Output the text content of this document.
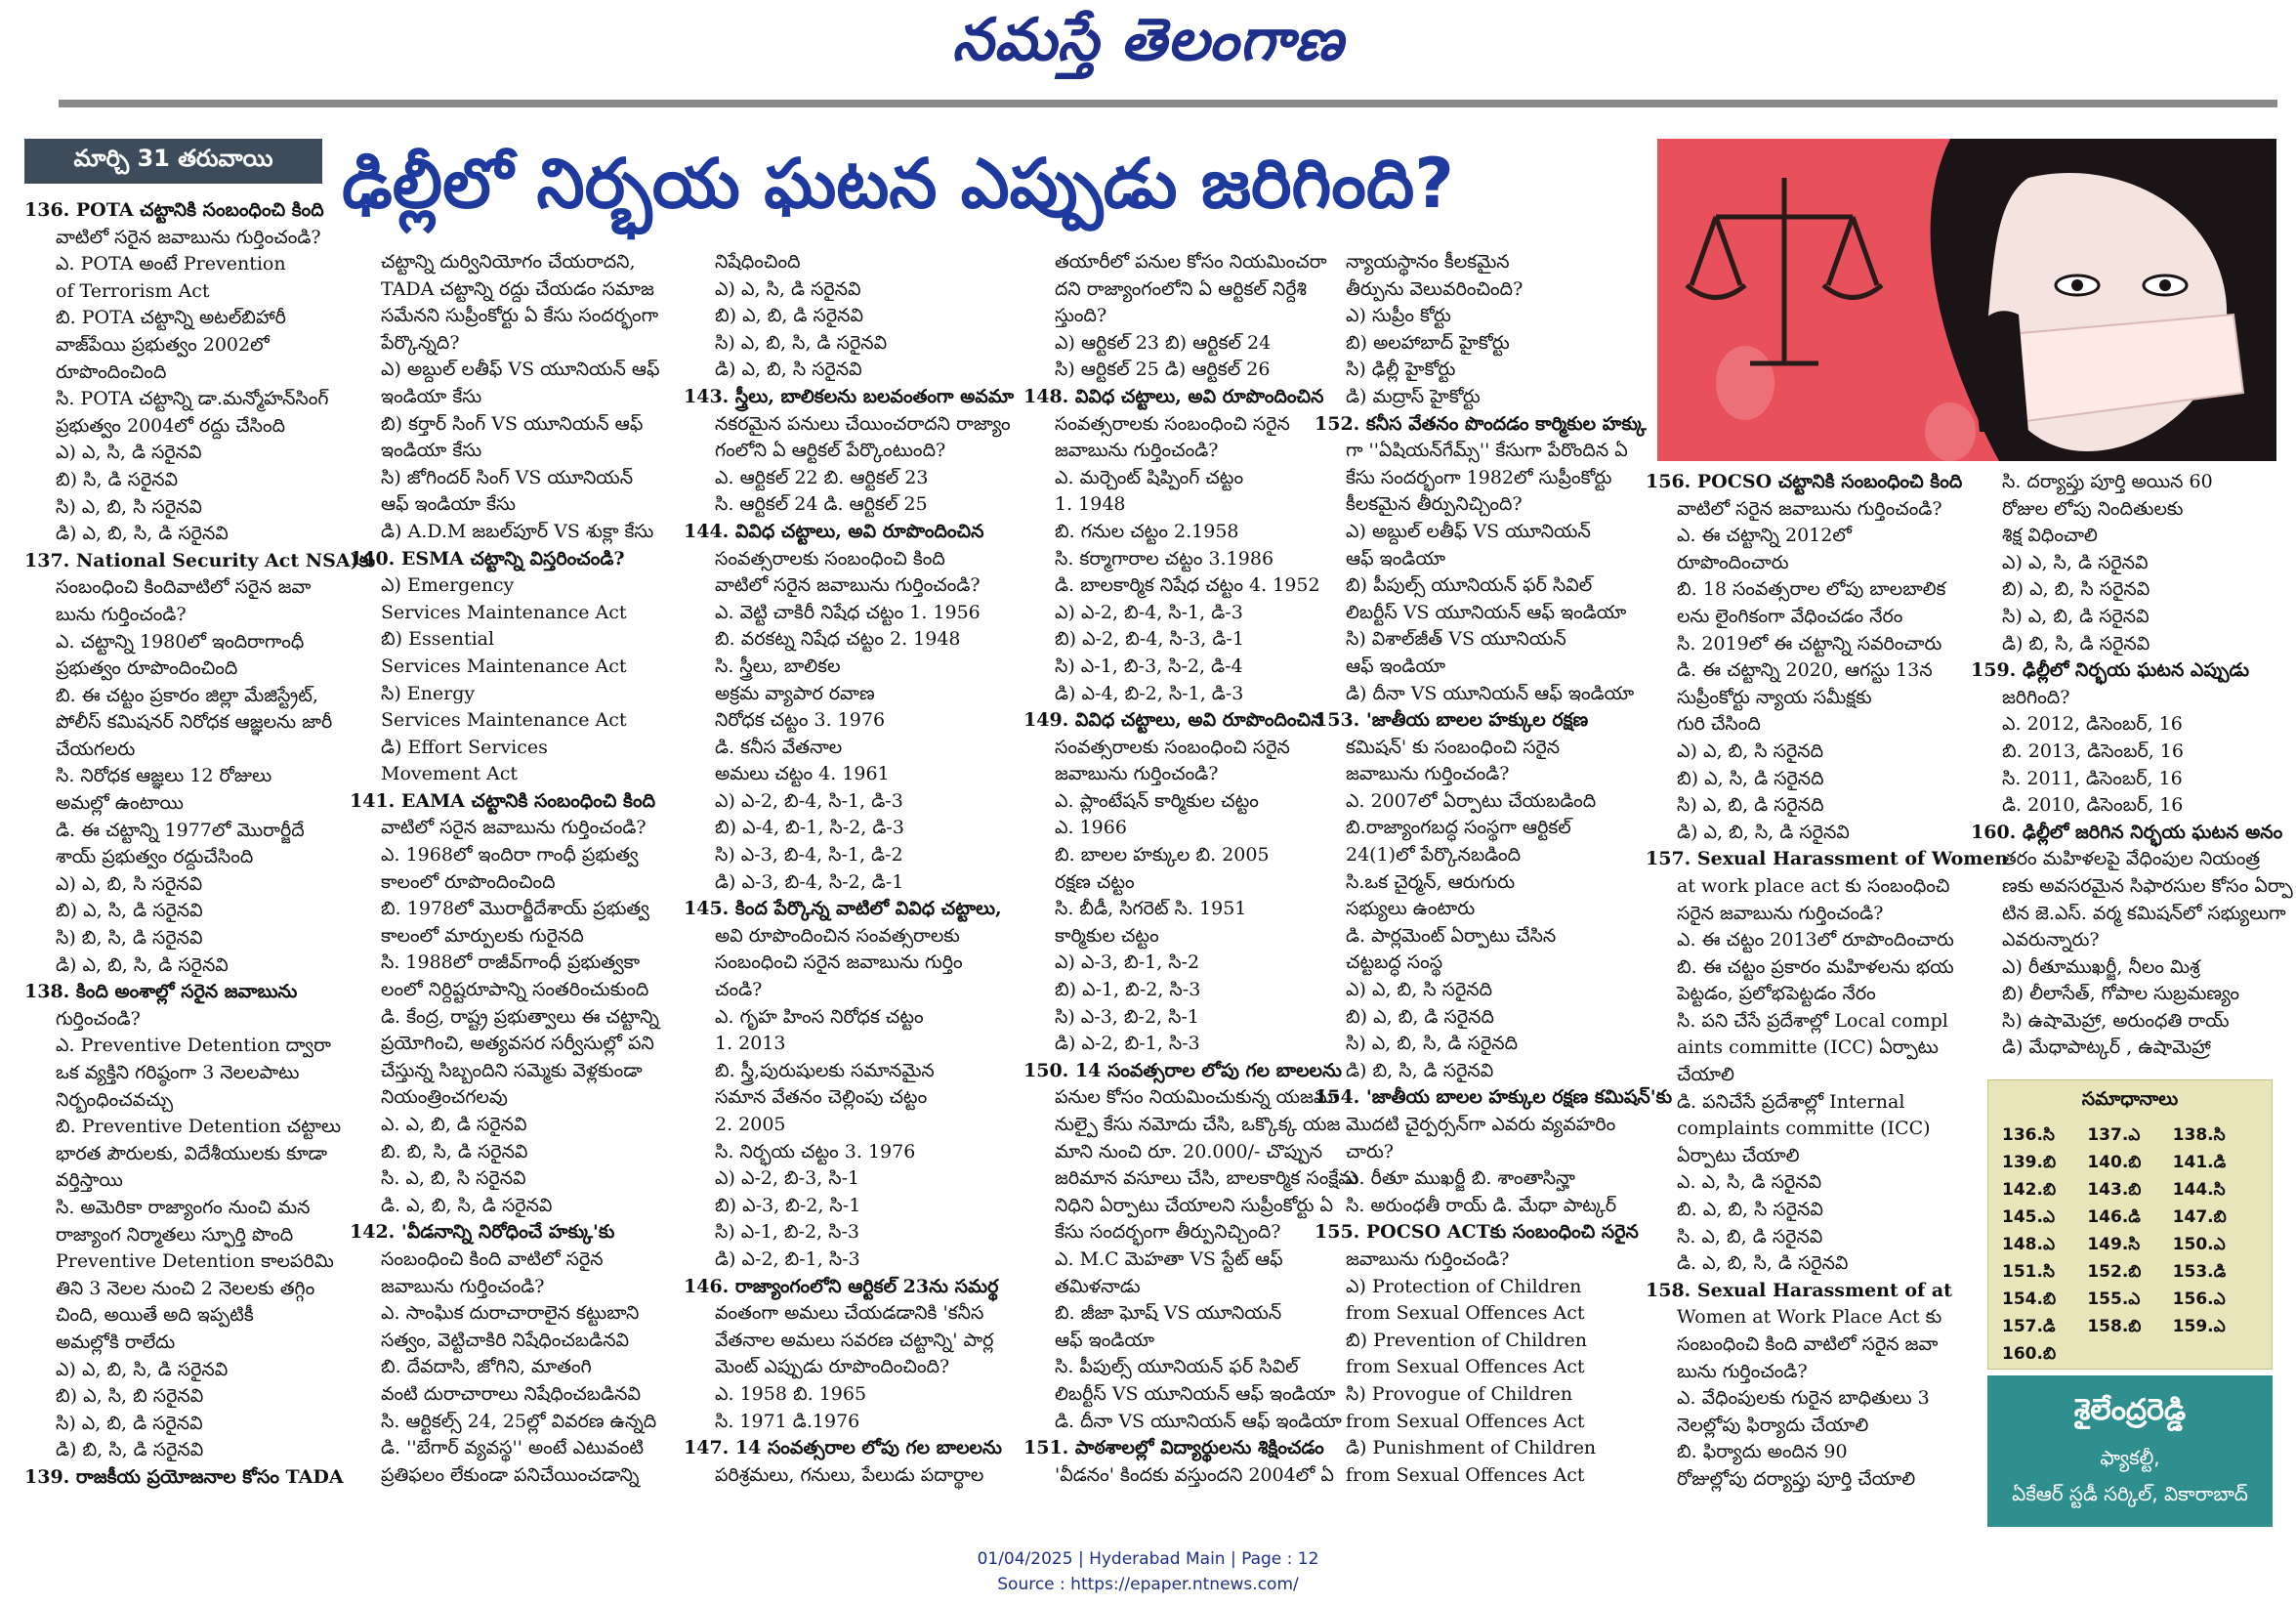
నమస్తే తెలంగాణ
మార్చి 31 తరువాయి	ఢిల్లీలో నిర్భయ ఘటన ఎప్పుడు జరిగింది?

136. POTA చట్టానికి సంబంధించి కింది

వాటిలో సరైన జవాబును గుర్తించండి?

ఎ. POTA అంటే Prevention

of Terrorism Act

బి. POTA చట్టాన్ని అటల్‌బిహారీ

వాజ్‌పేయి ప్రభుత్వం 2002లో

రూపొందించింది

సి. POTA చట్టాన్ని డా.మన్మోహన్‌సింగ్

ప్రభుత్వం 2004లో రద్దు చేసింది

ఎ) ఎ, సి, డి సరైనవి

బి) సి, డి సరైనవి

సి) ఎ, బి, సి సరైనవి

డి) ఎ, బి, సి, డి సరైనవి

137. National Security Act NSA)కు

సంబంధించి కిందివాటిలో సరైన జవా

బును గుర్తించండి?

ఎ. చట్టాన్ని 1980లో ఇందిరాగాంధీ

ప్రభుత్వం రూపొందించింది

బి. ఈ చట్టం ప్రకారం జిల్లా మేజిస్ట్రేట్,

పోలీస్ కమిషనర్ నిరోధక ఆజ్ఞలను జారీ

చేయగలరు

సి. నిరోధక ఆజ్ఞలు 12 రోజులు

అమల్లో ఉంటాయి

డి. ఈ చట్టాన్ని 1977లో మొరార్జీదే

శాయ్ ప్రభుత్వం రద్దుచేసింది

ఎ) ఎ, బి, సి సరైనవి

బి) ఎ, సి, డి సరైనవి

సి) బి, సి, డి సరైనవి

డి) ఎ, బి, సి, డి సరైనవి

138. కింది అంశాల్లో సరైన జవాబును

గుర్తించండి?

ఎ. Preventive Detention ద్వారా

ఒక వ్యక్తిని గరిష్ఠంగా 3 నెలలపాటు

నిర్బంధించవచ్చు

బి. Preventive Detention చట్టాలు

భారత పౌరులకు, విదేశీయులకు కూడా

వర్తిస్తాయి

సి. అమెరికా రాజ్యాంగం నుంచి మన

రాజ్యాంగ నిర్మాతలు స్ఫూర్తి పొంది

Preventive Detention కాలపరిమి

తిని 3 నెలల నుంచి 2 నెలలకు తగ్గిం

చింది, అయితే అది ఇప్పటికీ

అమల్లోకి రాలేదు

ఎ) ఎ, బి, సి, డి సరైనవి

బి) ఎ, సి, బి సరైనవి

సి) ఎ, బి, డి సరైనవి

డి) బి, సి, డి సరైనవి

139. రాజకీయ ప్రయోజనాల కోసం TADA

చట్టాన్ని దుర్వినియోగం చేయరాదని,

TADA చట్టాన్ని రద్దు చేయడం సమాజ

సమేనని సుప్రీంకోర్టు ఏ కేసు సందర్భంగా

పేర్కొన్నది?

ఎ) అబ్దుల్ లతీఫ్ VS యూనియన్ ఆఫ్

ఇండియా కేసు

బి) కర్తార్ సింగ్ VS యూనియన్ ఆఫ్

ఇండియా కేసు

సి) జోగిందర్ సింగ్ VS యూనియన్

ఆఫ్ ఇండియా కేసు

డి) A.D.M జబల్‌పూర్ VS శుక్లా కేసు

140. ESMA చట్టాన్ని విస్తరించండి?

ఎ) Emergency

Services Maintenance Act

బి) Essential

Services Maintenance Act

సి) Energy

Services Maintenance Act

డి) Effort Services

Movement Act

141. EAMA చట్టానికి సంబంధించి కింది

వాటిలో సరైన జవాబును గుర్తించండి?

ఎ. 1968లో ఇందిరా గాంధీ ప్రభుత్వ

కాలంలో రూపొందించింది

బి. 1978లో మొరార్జీదేశాయ్ ప్రభుత్వ

కాలంలో మార్పులకు గురైనది

సి. 1988లో రాజీవ్‌గాంధీ ప్రభుత్వకా

లంలో నిర్దిష్టరూపాన్ని సంతరించుకుంది

డి. కేంద్ర, రాష్ట్ర ప్రభుత్వాలు ఈ చట్టాన్ని

ప్రయోగించి, అత్యవసర సర్వీసుల్లో పని

చేస్తున్న సిబ్బందిని సమ్మెకు వెళ్లకుండా

నియంత్రించగలవు

ఎ. ఎ, బి, డి సరైనవి

బి. బి, సి, డి సరైనవి

సి. ఎ, బి, సి సరైనవి

డి. ఎ, బి, సి, డి సరైనవి

142. 'వీడనాన్ని నిరోధించే హక్కు'కు

సంబంధించి కింది వాటిలో సరైన

జవాబును గుర్తించండి?

ఎ. సాంఘిక దురాచారాలైన కట్టుబాని

సత్వం, వెట్టిచాకిరి నిషేధించబడినవి

బి. దేవదాసి, జోగిని, మాతంగి

వంటి దురాచారాలు నిషేధించబడినవి

సి. ఆర్టికల్స్ 24, 25ల్లో వివరణ ఉన్నది

డి. ''బేగార్ వ్యవస్థ'' అంటే ఎటువంటి

ప్రతిఫలం లేకుండా పనిచేయించడాన్ని

నిషేధించింది

ఎ) ఎ, సి, డి సరైనవి

బి) ఎ, బి, డి సరైనవి

సి) ఎ, బి, సి, డి సరైనవి

డి) ఎ, బి, సి సరైనవి

143. స్త్రీలు, బాలికలను బలవంతంగా అవమా

నకరమైన పనులు చేయించరాదని రాజ్యాం

గంలోని ఏ ఆర్టికల్ పేర్కొంటుంది?

ఎ. ఆర్టికల్ 22 బి. ఆర్టికల్ 23

సి. ఆర్టికల్ 24 డి. ఆర్టికల్ 25

144. వివిధ చట్టాలు, అవి రూపొందించిన

సంవత్సరాలకు సంబంధించి కింది

వాటిలో సరైన జవాబును గుర్తించండి?

ఎ. వెట్టి చాకిరీ నిషేధ చట్టం 1. 1956

బి. వరకట్న నిషేధ చట్టం 2. 1948

సి. స్త్రీలు, బాలికల

అక్రమ వ్యాపార రవాణ

నిరోధక చట్టం 3. 1976

డి. కనీస వేతనాల

అమలు చట్టం 4. 1961

ఎ) ఎ-2, బి-4, సి-1, డి-3

బి) ఎ-4, బి-1, సి-2, డి-3

సి) ఎ-3, బి-4, సి-1, డి-2

డి) ఎ-3, బి-4, సి-2, డి-1

145. కింద పేర్కొన్న వాటిలో వివిధ చట్టాలు,

అవి రూపొందించిన సంవత్సరాలకు

సంబంధించి సరైన జవాబును గుర్తిం

చండి?

ఎ. గృహ హింస నిరోధక చట్టం

1. 2013

బి. స్త్రీ,పురుషులకు సమానమైన

సమాన వేతనం చెల్లింపు చట్టం

2. 2005

సి. నిర్భయ చట్టం 3. 1976

ఎ) ఎ-2, బి-3, సి-1

బి) ఎ-3, బి-2, సి-1

సి) ఎ-1, బి-2, సి-3

డి) ఎ-2, బి-1, సి-3

146. రాజ్యాంగంలోని ఆర్టికల్ 23ను సమర్థ

వంతంగా అమలు చేయడడానికి 'కనీస

వేతనాల అమలు సవరణ చట్టాన్ని' పార్ల

మెంట్ ఎప్పుడు రూపొందించింది?

ఎ. 1958 బి. 1965

సి. 1971 డి.1976

147. 14 సంవత్సరాల లోపు గల బాలలను

పరిశ్రమలు, గనులు, పేలుడు పదార్థాల

తయారీలో పనుల కోసం నియమించరా

దని రాజ్యాంగంలోని ఏ ఆర్టికల్ నిర్దేశి

స్తుంది?

ఎ) ఆర్టికల్ 23 బి) ఆర్టికల్ 24

సి) ఆర్టికల్ 25 డి) ఆర్టికల్ 26

148. వివిధ చట్టాలు, అవి రూపొందించిన

సంవత్సరాలకు సంబంధించి సరైన

జవాబును గుర్తించండి?

ఎ. మర్చెంట్ షిప్పింగ్ చట్టం

1. 1948

బి. గనుల చట్టం 2.1958

సి. కర్మాగారాల చట్టం 3.1986

డి. బాలకార్మిక నిషేధ చట్టం 4. 1952

ఎ) ఎ-2, బి-4, సి-1, డి-3

బి) ఎ-2, బి-4, సి-3, డి-1

సి) ఎ-1, బి-3, సి-2, డి-4

డి) ఎ-4, బి-2, సి-1, డి-3

149. వివిధ చట్టాలు, అవి రూపొందించిన

సంవత్సరాలకు సంబంధించి సరైన

జవాబును గుర్తించండి?

ఎ. ప్లాంటేషన్ కార్మికుల చట్టం

ఎ. 1966

బి. బాలల హక్కుల బి. 2005

రక్షణ చట్టం

సి. బీడీ, సిగరెట్ సి. 1951

కార్మికుల చట్టం

ఎ) ఎ-3, బి-1, సి-2

బి) ఎ-1, బి-2, సి-3

సి) ఎ-3, బి-2, సి-1

డి) ఎ-2, బి-1, సి-3

150. 14 సంవత్సరాల లోపు గల బాలలను

పనుల కోసం నియమించుకున్న యజమా

నుల్పై కేసు నమోదు చేసి, ఒక్కొక్క యజ

మాని నుంచి రూ. 20.000/- చొప్పున

జరిమాన వసూలు చేసి, బాలకార్మిక సంక్షేమ

నిధిని ఏర్పాటు చేయాలని సుప్రీంకోర్టు ఏ

కేసు సందర్భంగా తీర్పునిచ్చింది?

ఎ. M.C మెహతా VS స్టేట్ ఆఫ్

తమిళనాడు

బి. జీజా ఘోష్ VS యూనియన్

ఆఫ్ ఇండియా

సి. పీపుల్స్ యూనియన్ ఫర్ సివిల్

లిబర్టీస్ VS యూనియన్ ఆఫ్ ఇండియా

డి. దీనా VS యూనియన్ ఆఫ్ ఇండియా

151. పాఠశాలల్లో విద్యార్థులను శిక్షించడం

'వీడనం' కిందకు వస్తుందని 2004లో ఏ

న్యాయస్థానం కీలకమైన

తీర్పును వెలువరించింది?

ఎ) సుప్రీం కోర్టు

బి) అలహాబాద్ హైకోర్టు

సి) ఢిల్లీ హైకోర్టు

డి) మద్రాస్ హైకోర్టు

152. కనీస వేతనం పొందడం కార్మికుల హక్కు

గా ''ఏషియన్‌గేమ్స్'' కేసుగా పేరొందిన ఏ

కేసు సందర్భంగా 1982లో సుప్రీంకోర్టు

కీలకమైన తీర్పునిచ్చింది?

ఎ) అబ్దుల్ లతీఫ్ VS యూనియన్

ఆఫ్ ఇండియా

బి) పీపుల్స్ యూనియన్ ఫర్ సివిల్

లిబర్టీస్ VS యూనియన్ ఆఫ్ ఇండియా

సి) విశాల్‌జీత్ VS యూనియన్

ఆఫ్ ఇండియా

డి) దీనా VS యూనియన్ ఆఫ్ ఇండియా

153. 'జాతీయ బాలల హక్కుల రక్షణ

కమిషన్' కు సంబంధించి సరైన

జవాబును గుర్తించండి?

ఎ. 2007లో ఏర్పాటు చేయబడింది

బి.రాజ్యాంగబద్ధ సంస్థగా ఆర్టికల్

24(1)లో పేర్కొనబడింది

సి.ఒక చైర్మన్, ఆరుగురు

సభ్యులు ఉంటారు

డి. పార్లమెంట్ ఏర్పాటు చేసిన

చట్టబద్ధ సంస్థ

ఎ) ఎ, బి, సి సరైనది

బి) ఎ, బి, డి సరైనది

సి) ఎ, బి, సి, డి సరైనది

డి) బి, సి, డి సరైనవి

154. 'జాతీయ బాలల హక్కుల రక్షణ కమిషన్'కు

మొదటి చైర్పర్సన్‌గా ఎవరు వ్యవహరిం

చారు?

ఎ. రీతూ ముఖర్జీ బి. శాంతాసిన్హా

సి. అరుంధతీ రాయ్ డి. మేధా పాట్కర్

155. POCSO ACTకు సంబంధించి సరైన

జవాబును గుర్తించండి?

ఎ) Protection of Children

from Sexual Offences Act

బి) Prevention of Children

from Sexual Offences Act

సి) Provogue of Children

from Sexual Offences Act

డి) Punishment of Children

from Sexual Offences Act

156. POCSO చట్టానికి సంబంధించి కింది

వాటిలో సరైన జవాబును గుర్తించండి?

ఎ. ఈ చట్టాన్ని 2012లో

రూపొందించారు

బి. 18 సంవత్సరాల లోపు బాలబాలిక

లను లైంగికంగా వేధించడం నేరం

సి. 2019లో ఈ చట్టాన్ని సవరించారు

డి. ఈ చట్టాన్ని 2020, ఆగస్టు 13న

సుప్రీంకోర్టు న్యాయ సమీక్షకు

గురి చేసింది

ఎ) ఎ, బి, సి సరైనది

బి) ఎ, సి, డి సరైనది

సి) ఎ, బి, డి సరైనది

డి) ఎ, బి, సి, డి సరైనవి

157. Sexual Harassment of Women

at work place act కు సంబంధించి

సరైన జవాబును గుర్తించండి?

ఎ. ఈ చట్టం 2013లో రూపొందించారు

బి. ఈ చట్టం ప్రకారం మహిళలను భయ

పెట్టడం, ప్రలోభపెట్టడం నేరం

సి. పని చేసే ప్రదేశాల్లో Local compl

aints committe (ICC) ఏర్పాటు

చేయాలి

డి. పనిచేసే ప్రదేశాల్లో Internal

complaints committe (ICC)

ఏర్పాటు చేయాలి

ఎ. ఎ, సి, డి సరైనవి

బి. ఎ, బి, సి సరైనవి

సి. ఎ, బి, డి సరైనవి

డి. ఎ, బి, సి, డి సరైనవి

158. Sexual Harassment of at

Women at Work Place Act కు

సంబంధించి కింది వాటిలో సరైన జవా

బును గుర్తించండి?

ఎ. వేధింపులకు గురైన బాధితులు 3

నెలల్లోపు ఫిర్యాదు చేయాలి

బి. ఫిర్యాదు అందిన 90

రోజుల్లోపు దర్యాప్తు పూర్తి చేయాలి

సి. దర్యాప్తు పూర్తి అయిన 60

రోజుల లోపు నిందితులకు

శిక్ష విధించాలి

ఎ) ఎ, సి, డి సరైనవి

బి) ఎ, బి, సి సరైనవి

సి) ఎ, బి, డి సరైనవి

డి) బి, సి, డి సరైనవి

159. ఢిల్లీలో నిర్భయ ఘటన ఎప్పుడు

జరిగింది?

ఎ. 2012, డిసెంబర్, 16

బి. 2013, డిసెంబర్, 16

సి. 2011, డిసెంబర్, 16

డి. 2010, డిసెంబర్, 16

160. ఢిల్లీలో జరిగిన నిర్భయ ఘటన అనం

తరం మహిళలపై వేధింపుల నియంత్ర

ణకు అవసరమైన సిఫారసుల కోసం ఏర్పా

టిన జె.ఎస్. వర్మ కమిషన్‌లో సభ్యులుగా

ఎవరున్నారు?

ఎ) రీతూముఖర్జీ, నీలం మిశ్ర

బి) లీలాసేత్, గోపాల సుబ్రమణ్యం

సి) ఉషామెహ్రా, అరుంధతి రాయ్

డి) మేధాపాట్కర్ , ఉషామెహ్రా

సమాధానాలు
136.సి	137.ఎ	138.సి
139.బి	140.బి	141.డి
142.బి	143.బి	144.సి
145.ఎ	146.డి	147.బి
148.ఎ	149.సి	150.ఎ
151.సి	152.బి	153.డి
154.బి	155.ఎ	156.ఎ
157.డి	158.బి	159.ఎ
160.బి
శైలేంద్రరెడ్డి
ఫ్యాకల్టీ,
ఏకేఆర్ స్టడీ సర్కిల్, వికారాబాద్
01/04/2025 | Hyderabad Main | Page : 12
Source : https://epaper.ntnews.com/
